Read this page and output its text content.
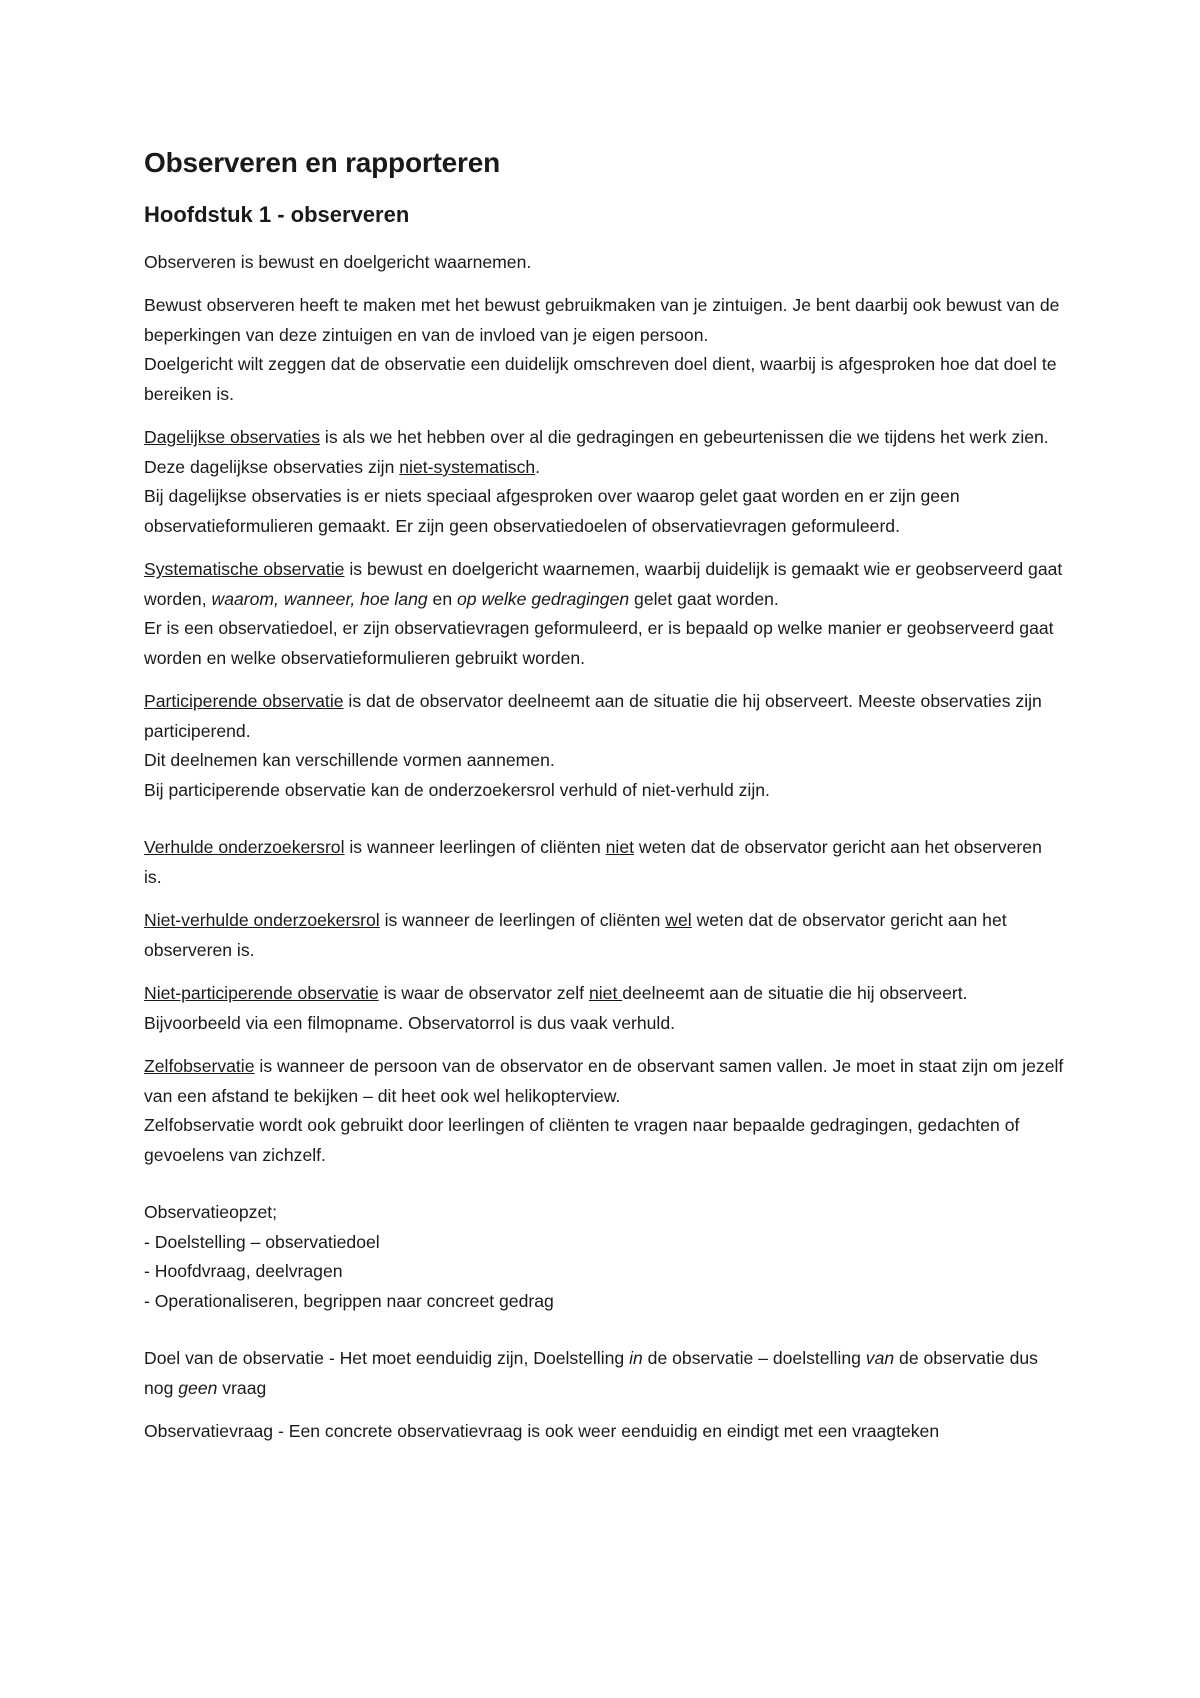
Observeren en rapporteren
Hoofdstuk 1 - observeren

Observeren is bewust en doelgericht waarnemen.

Bewust observeren heeft te maken met het bewust gebruikmaken van je zintuigen. Je bent daarbij ook bewust van de beperkingen van deze zintuigen en van de invloed van je eigen persoon.
Doelgericht wilt zeggen dat de observatie een duidelijk omschreven doel dient, waarbij is afgesproken hoe dat doel te bereiken is.

Dagelijkse observaties is als we het hebben over al die gedragingen en gebeurtenissen die we tijdens het werk zien. Deze dagelijkse observaties zijn niet-systematisch.
Bij dagelijkse observaties is er niets speciaal afgesproken over waarop gelet gaat worden en er zijn geen observatieformulieren gemaakt. Er zijn geen observatiedoelen of observatievragen geformuleerd.

Systematische observatie is bewust en doelgericht waarnemen, waarbij duidelijk is gemaakt wie er geobserveerd gaat worden, waarom, wanneer, hoe lang en op welke gedragingen gelet gaat worden.
Er is een observatiedoel, er zijn observatievragen geformuleerd, er is bepaald op welke manier er geobserveerd gaat worden en welke observatieformulieren gebruikt worden.

Participerende observatie is dat de observator deelneemt aan de situatie die hij observeert. Meeste observaties zijn participerend.
Dit deelnemen kan verschillende vormen aannemen.
Bij participerende observatie kan de onderzoekersrol verhuld of niet-verhuld zijn.

Verhulde onderzoekersrol is wanneer leerlingen of cliënten niet weten dat de observator gericht aan het observeren is.

Niet-verhulde onderzoekersrol is wanneer de leerlingen of cliënten wel weten dat de observator gericht aan het observeren is.

Niet-participerende observatie is waar de observator zelf niet deelneemt aan de situatie die hij observeert. Bijvoorbeeld via een filmopname. Observatorrol is dus vaak verhuld.

Zelfobservatie is wanneer de persoon van de observator en de observant samen vallen. Je moet in staat zijn om jezelf van een afstand te bekijken – dit heet ook wel helikopterview.
Zelfobservatie wordt ook gebruikt door leerlingen of cliënten te vragen naar bepaalde gedragingen, gedachten of gevoelens van zichzelf.

Observatieopzet;
- Doelstelling – observatiedoel
- Hoofdvraag, deelvragen
- Operationaliseren, begrippen naar concreet gedrag

Doel van de observatie - Het moet eenduidig zijn, Doelstelling in de observatie – doelstelling van de observatie dus nog geen vraag

Observatievraag - Een concrete observatievraag is ook weer eenduidig en eindigt met een vraagteken
